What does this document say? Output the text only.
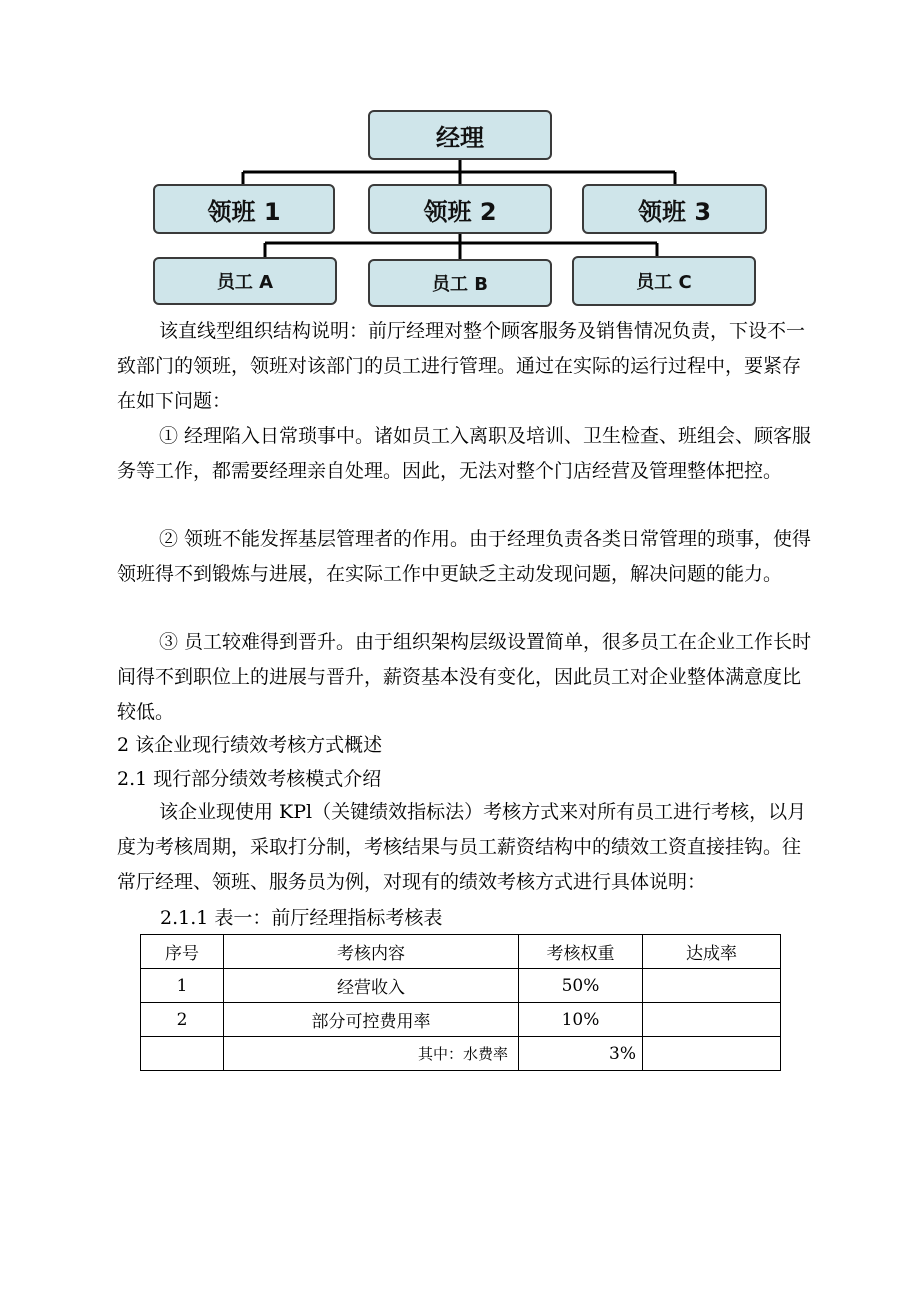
经理
领班 1	领班 2	领班 3
员工 A	员工 B	员工 C

该直线型组织结构说明：前厅经理对整个顾客服务及销售情况负责，下设不一致部门的领班，领班对该部门的员工进行管理。通过在实际的运行过程中，要紧存在如下问题：

① 经理陷入日常琐事中。诸如员工入离职及培训、卫生检查、班组会、顾客服务等工作，都需要经理亲自处理。因此，无法对整个门店经营及管理整体把控。

② 领班不能发挥基层管理者的作用。由于经理负责各类日常管理的琐事，使得领班得不到锻炼与进展，在实际工作中更缺乏主动发现问题，解决问题的能力。

③ 员工较难得到晋升。由于组织架构层级设置简单，很多员工在企业工作长时间得不到职位上的进展与晋升，薪资基本没有变化，因此员工对企业整体满意度比较低。

2 该企业现行绩效考核方式概述

2.1 现行部分绩效考核模式介绍

该企业现使用 KPl（关键绩效指标法）考核方式来对所有员工进行考核，以月度为考核周期，采取打分制，考核结果与员工薪资结构中的绩效工资直接挂钩。往常厅经理、领班、服务员为例，对现有的绩效考核方式进行具体说明：

2.1.1 表一：前厅经理指标考核表
序号	考核内容	考核权重	达成率
1	经营收入	50%	
2	部分可控费用率	10%	
	其中：水费率	3%	
